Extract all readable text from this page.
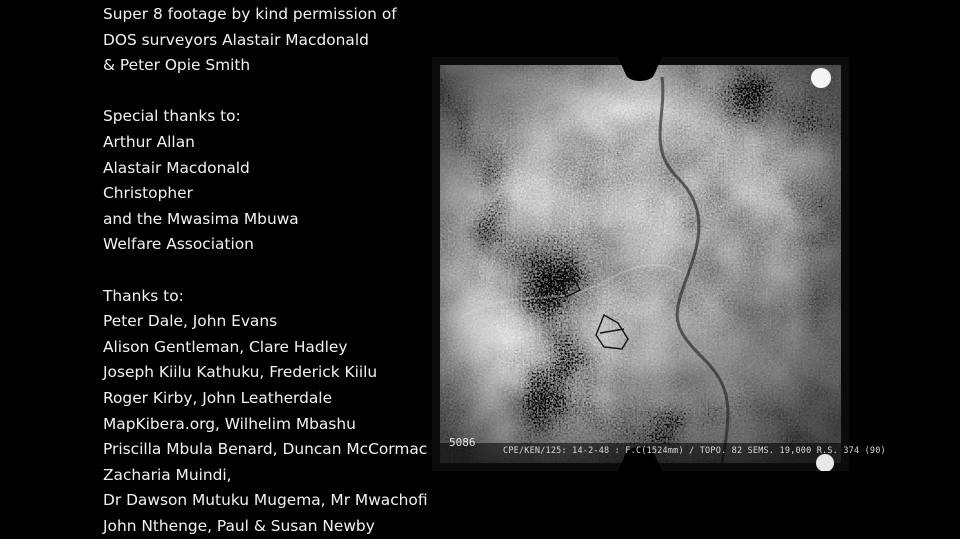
Super 8 footage by kind permission of
DOS surveyors Alastair Macdonald
& Peter Opie Smith
Special thanks to:
Arthur Allan
Alastair Macdonald
Christopher
and the Mwasima Mbuwa
Welfare Association
Thanks to:
Peter Dale, John Evans
Alison Gentleman, Clare Hadley
Joseph Kiilu Kathuku, Frederick Kiilu
Roger Kirby, John Leatherdale
MapKibera.org, Wilhelim Mbashu
Priscilla Mbula Benard, Duncan McCormac
Zacharia Muindi,
Dr Dawson Mutuku Mugema, Mr Mwachofi
John Nthenge, Paul & Susan Newby
5086
CPE/KEN/125: 14-2-48 : F.C(1524mm) / TOPO. 82 SEMS. 19,000 R.S. 374 (90)
